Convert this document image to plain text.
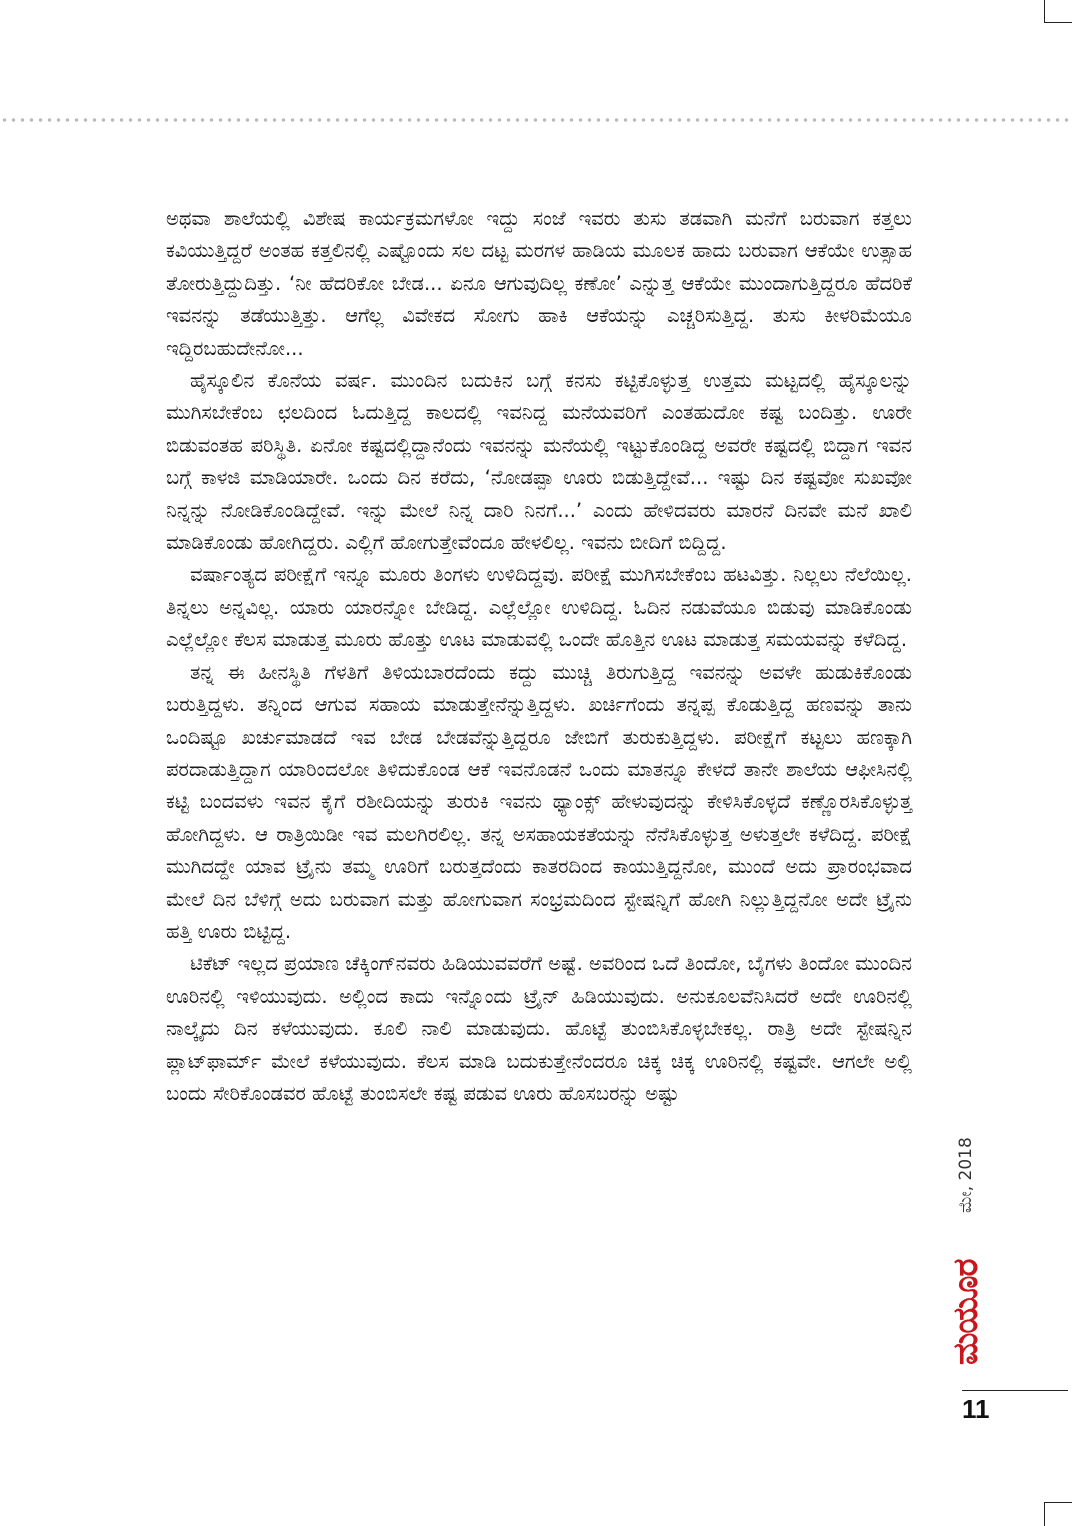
ಅಥವಾ ಶಾಲೆಯಲ್ಲಿ ವಿಶೇಷ ಕಾರ್ಯಕ್ರಮಗಳೋ ಇದ್ದು ಸಂಜೆ ಇವರು ತುಸು ತಡವಾಗಿ ಮನೆಗೆ ಬರುವಾಗ ಕತ್ತಲು ಕವಿಯುತ್ತಿದ್ದರೆ ಅಂತಹ ಕತ್ತಲಿನಲ್ಲಿ ಎಷ್ಟೊಂದು ಸಲ ದಟ್ಟ ಮರಗಳ ಹಾಡಿಯ ಮೂಲಕ ಹಾದು ಬರುವಾಗ ಆಕೆಯೇ ಉತ್ಸಾಹ ತೋರುತ್ತಿದ್ದುದಿತ್ತು. ‘ನೀ ಹೆದರಿಕೋ ಬೇಡ... ಏನೂ ಆಗುವುದಿಲ್ಲ ಕಣೋ’ ಎನ್ನುತ್ತ ಆಕೆಯೇ ಮುಂದಾಗುತ್ತಿದ್ದರೂ ಹೆದರಿಕೆ ಇವನನ್ನು ತಡೆಯುತ್ತಿತ್ತು. ಆಗೆಲ್ಲ ವಿವೇಕದ ಸೋಗು ಹಾಕಿ ಆಕೆಯನ್ನು ಎಚ್ಚರಿಸುತ್ತಿದ್ದ. ತುಸು ಕೀಳರಿಮೆಯೂ ಇದ್ದಿರಬಹುದೇನೋ...

ಹೈಸ್ಕೂಲಿನ ಕೊನೆಯ ವರ್ಷ. ಮುಂದಿನ ಬದುಕಿನ ಬಗ್ಗೆ ಕನಸು ಕಟ್ಟಿಕೊಳ್ಳುತ್ತ ಉತ್ತಮ ಮಟ್ಟದಲ್ಲಿ ಹೈಸ್ಕೂಲನ್ನು ಮುಗಿಸಬೇಕೆಂಬ ಛಲದಿಂದ ಓದುತ್ತಿದ್ದ ಕಾಲದಲ್ಲಿ ಇವನಿದ್ದ ಮನೆಯವರಿಗೆ ಎಂತಹುದೋ ಕಷ್ಟ ಬಂದಿತ್ತು. ಊರೇ ಬಿಡುವಂತಹ ಪರಿಸ್ಥಿತಿ. ಏನೋ ಕಷ್ಟದಲ್ಲಿದ್ದಾನೆಂದು ಇವನನ್ನು ಮನೆಯಲ್ಲಿ ಇಟ್ಟುಕೊಂಡಿದ್ದ ಅವರೇ ಕಷ್ಟದಲ್ಲಿ ಬಿದ್ದಾಗ ಇವನ ಬಗ್ಗೆ ಕಾಳಜಿ ಮಾಡಿಯಾರೇ. ಒಂದು ದಿನ ಕರೆದು, ‘ನೋಡಪ್ಪಾ ಊರು ಬಿಡುತ್ತಿದ್ದೇವೆ... ಇಷ್ಟು ದಿನ ಕಷ್ಟವೋ ಸುಖವೋ ನಿನ್ನನ್ನು ನೋಡಿಕೊಂಡಿದ್ದೇವೆ. ಇನ್ನು ಮೇಲೆ ನಿನ್ನ ದಾರಿ ನಿನಗೆ...’ ಎಂದು ಹೇಳಿದವರು ಮಾರನೆ ದಿನವೇ ಮನೆ ಖಾಲಿ ಮಾಡಿಕೊಂಡು ಹೋಗಿದ್ದರು. ಎಲ್ಲಿಗೆ ಹೋಗುತ್ತೇವೆಂದೂ ಹೇಳಲಿಲ್ಲ. ಇವನು ಬೀದಿಗೆ ಬಿದ್ದಿದ್ದ.

ವರ್ಷಾಂತ್ಯದ ಪರೀಕ್ಷೆಗೆ ಇನ್ನೂ ಮೂರು ತಿಂಗಳು ಉಳಿದಿದ್ದವು. ಪರೀಕ್ಷೆ ಮುಗಿಸಬೇಕೆಂಬ ಹಟವಿತ್ತು. ನಿಲ್ಲಲು ನೆಲೆಯಿಲ್ಲ. ತಿನ್ನಲು ಅನ್ನವಿಲ್ಲ. ಯಾರು ಯಾರನ್ನೋ ಬೇಡಿದ್ದ. ಎಲ್ಲೆಲ್ಲೋ ಉಳಿದಿದ್ದ. ಓದಿನ ನಡುವೆಯೂ ಬಿಡುವು ಮಾಡಿಕೊಂಡು ಎಲ್ಲೆಲ್ಲೋ ಕೆಲಸ ಮಾಡುತ್ತ ಮೂರು ಹೊತ್ತು ಊಟ ಮಾಡುವಲ್ಲಿ ಒಂದೇ ಹೊತ್ತಿನ ಊಟ ಮಾಡುತ್ತ ಸಮಯವನ್ನು ಕಳೆದಿದ್ದ.

ತನ್ನ ಈ ಹೀನಸ್ಥಿತಿ ಗೆಳತಿಗೆ ತಿಳಿಯಬಾರದೆಂದು ಕದ್ದು ಮುಚ್ಚಿ ತಿರುಗುತ್ತಿದ್ದ ಇವನನ್ನು ಅವಳೇ ಹುಡುಕಿಕೊಂಡು ಬರುತ್ತಿದ್ದಳು. ತನ್ನಿಂದ ಆಗುವ ಸಹಾಯ ಮಾಡುತ್ತೇನೆನ್ನುತ್ತಿದ್ದಳು. ಖರ್ಚಿಗೆಂದು ತನ್ನಪ್ಪ ಕೊಡುತ್ತಿದ್ದ ಹಣವನ್ನು ತಾನು ಒಂದಿಷ್ಟೂ ಖರ್ಚುಮಾಡದೆ ಇವ ಬೇಡ ಬೇಡವೆನ್ನುತ್ತಿದ್ದರೂ ಜೇಬಿಗೆ ತುರುಕುತ್ತಿದ್ದಳು. ಪರೀಕ್ಷೆಗೆ ಕಟ್ಟಲು ಹಣಕ್ಕಾಗಿ ಪರದಾಡುತ್ತಿದ್ದಾಗ ಯಾರಿಂದಲೋ ತಿಳಿದುಕೊಂಡ ಆಕೆ ಇವನೊಡನೆ ಒಂದು ಮಾತನ್ನೂ ಕೇಳದೆ ತಾನೇ ಶಾಲೆಯ ಆಫೀಸಿನಲ್ಲಿ ಕಟ್ಟಿ ಬಂದವಳು ಇವನ ಕೈಗೆ ರಶೀದಿಯನ್ನು ತುರುಕಿ ಇವನು ಥ್ಯಾಂಕ್ಸ್ ಹೇಳುವುದನ್ನು ಕೇಳಿಸಿಕೊಳ್ಳದೆ ಕಣ್ಣೊರಸಿಕೊಳ್ಳುತ್ತ ಹೋಗಿದ್ದಳು. ಆ ರಾತ್ರಿಯಿಡೀ ಇವ ಮಲಗಿರಲಿಲ್ಲ. ತನ್ನ ಅಸಹಾಯಕತೆಯನ್ನು ನೆನೆಸಿಕೊಳ್ಳುತ್ತ ಅಳುತ್ತಲೇ ಕಳೆದಿದ್ದ. ಪರೀಕ್ಷೆ ಮುಗಿದದ್ದೇ ಯಾವ ಟ್ರೈನು ತಮ್ಮ ಊರಿಗೆ ಬರುತ್ತದೆಂದು ಕಾತರದಿಂದ ಕಾಯುತ್ತಿದ್ದನೋ, ಮುಂದೆ ಅದು ಪ್ರಾರಂಭವಾದ ಮೇಲೆ ದಿನ ಬೆಳಿಗ್ಗೆ ಅದು ಬರುವಾಗ ಮತ್ತು ಹೋಗುವಾಗ ಸಂಭ್ರಮದಿಂದ ಸ್ಟೇಷನ್ನಿಗೆ ಹೋಗಿ ನಿಲ್ಲುತ್ತಿದ್ದನೋ ಅದೇ ಟ್ರೈನು ಹತ್ತಿ ಊರು ಬಿಟ್ಟಿದ್ದ.

ಟಿಕೆಟ್ ಇಲ್ಲದ ಪ್ರಯಾಣ ಚೆಕ್ಕಿಂಗ್‌ನವರು ಹಿಡಿಯುವವರೆಗೆ ಅಷ್ಟೆ. ಅವರಿಂದ ಒದೆ ತಿಂದೋ, ಬೈಗಳು ತಿಂದೋ ಮುಂದಿನ ಊರಿನಲ್ಲಿ ಇಳಿಯುವುದು. ಅಲ್ಲಿಂದ ಕಾದು ಇನ್ನೊಂದು ಟ್ರೈನ್ ಹಿಡಿಯುವುದು. ಅನುಕೂಲವೆನಿಸಿದರೆ ಅದೇ ಊರಿನಲ್ಲಿ ನಾಲ್ಕೈದು ದಿನ ಕಳೆಯುವುದು. ಕೂಲಿ ನಾಲಿ ಮಾಡುವುದು. ಹೊಟ್ಟೆ ತುಂಬಿಸಿಕೊಳ್ಳಬೇಕಲ್ಲ. ರಾತ್ರಿ ಅದೇ ಸ್ಟೇಷನ್ನಿನ ಪ್ಲಾಟ್‌ಫಾರ್ಮ್ ಮೇಲೆ ಕಳೆಯುವುದು. ಕೆಲಸ ಮಾಡಿ ಬದುಕುತ್ತೇನೆಂದರೂ ಚಿಕ್ಕ ಚಿಕ್ಕ ಊರಿನಲ್ಲಿ ಕಷ್ಟವೇ. ಆಗಲೇ ಅಲ್ಲಿ ಬಂದು ಸೇರಿಕೊಂಡವರ ಹೊಟ್ಟೆ ತುಂಬಿಸಲೇ ಕಷ್ಟ ಪಡುವ ಊರು ಹೊಸಬರನ್ನು ಅಷ್ಟು

ಮೇ, 2018
ಮಯೂರ
11
